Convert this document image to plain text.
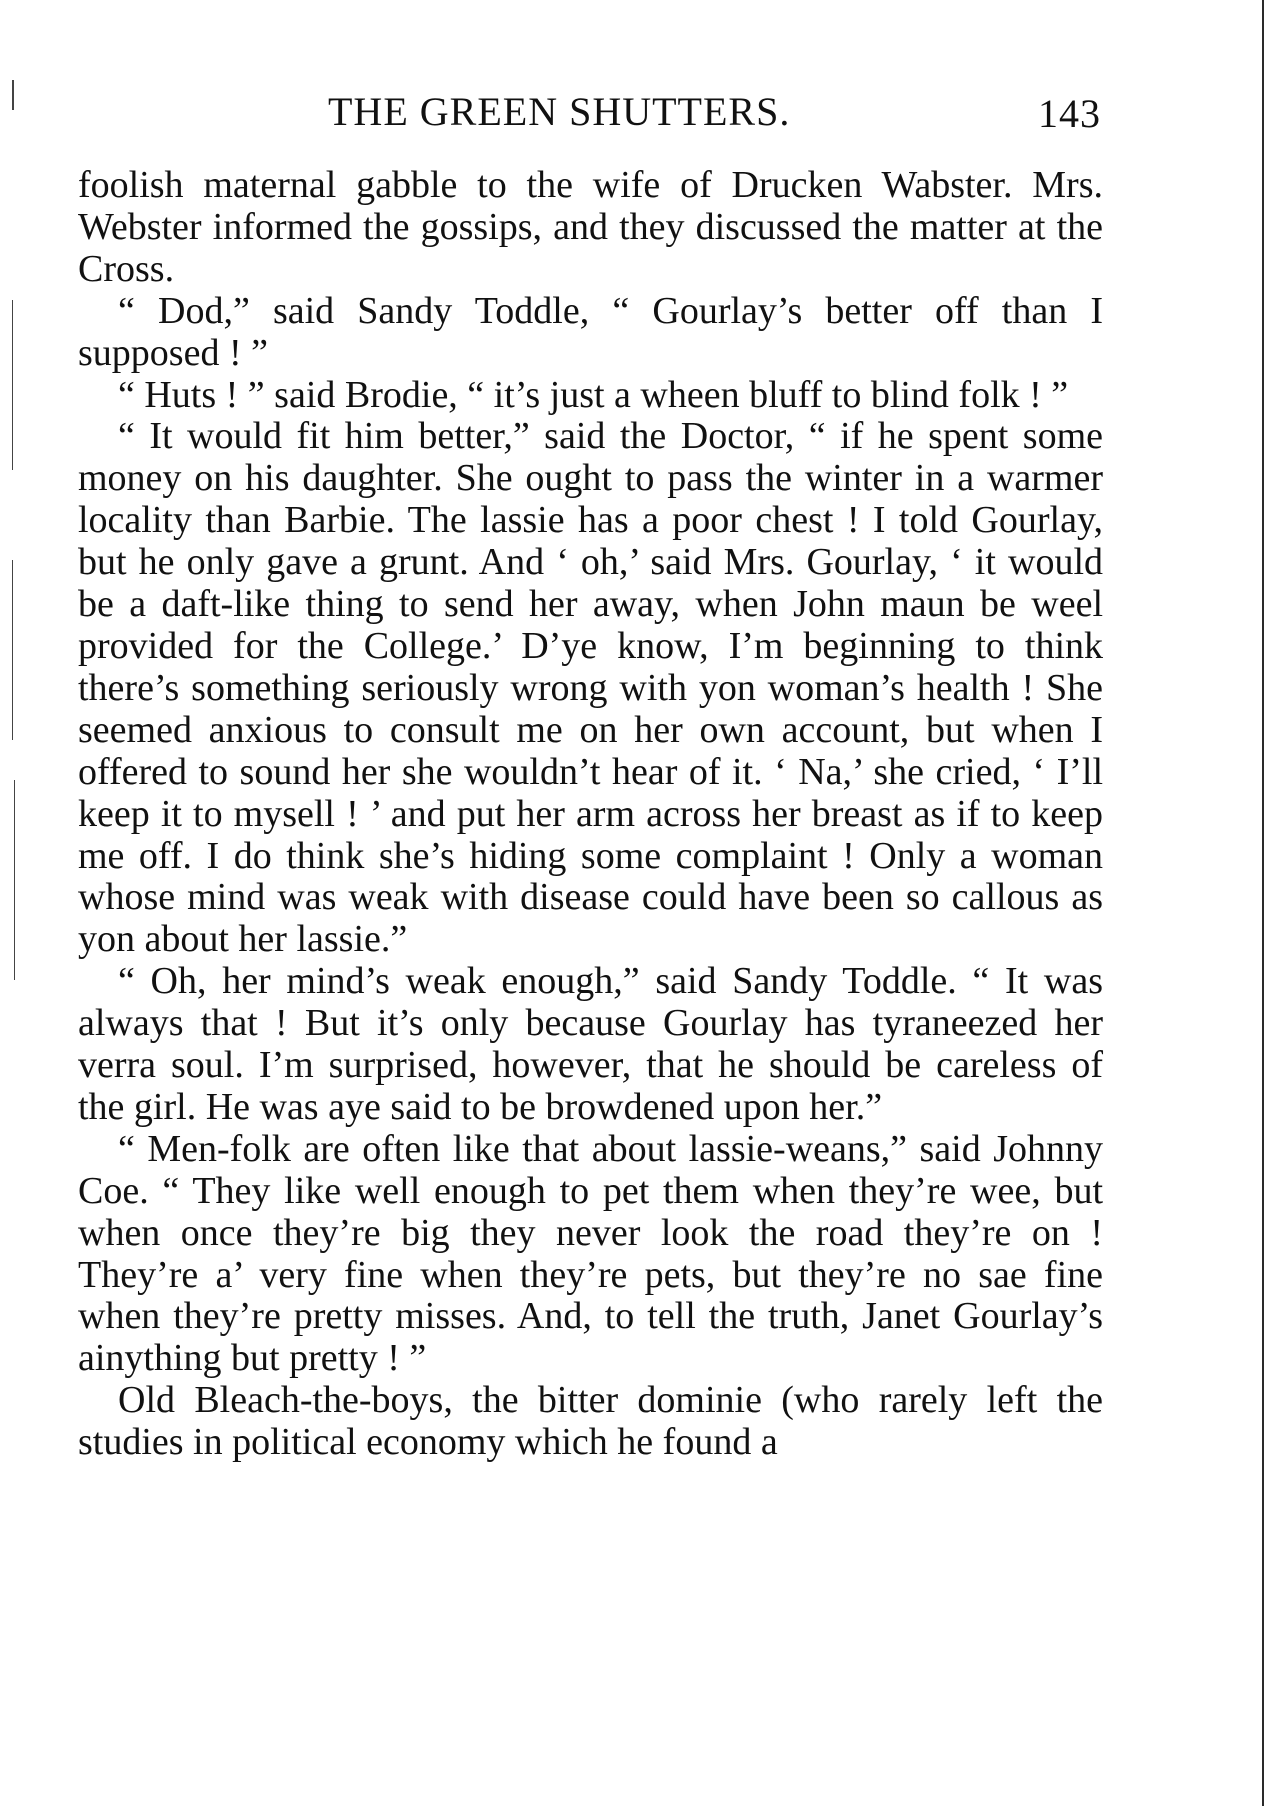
THE GREEN SHUTTERS.	143

foolish maternal gabble to the wife of Drucken Wabster. Mrs. Webster informed the gossips, and they discussed the matter at the Cross.

“ Dod,” said Sandy Toddle, “ Gourlay’s better off than I supposed ! ”

“ Huts ! ” said Brodie, “ it’s just a wheen bluff to blind folk ! ”

“ It would fit him better,” said the Doctor, “ if he spent some money on his daughter. She ought to pass the winter in a warmer locality than Barbie. The lassie has a poor chest ! I told Gourlay, but he only gave a grunt. And ‘ oh,’ said Mrs. Gourlay, ‘ it would be a daft-like thing to send her away, when John maun be weel provided for the College.’ D’ye know, I’m beginning to think there’s something seriously wrong with yon woman’s health ! She seemed anxious to consult me on her own account, but when I offered to sound her she wouldn’t hear of it. ‘ Na,’ she cried, ‘ I’ll keep it to mysell ! ’ and put her arm across her breast as if to keep me off. I do think she’s hiding some complaint ! Only a woman whose mind was weak with disease could have been so callous as yon about her lassie.”

“ Oh, her mind’s weak enough,” said Sandy Toddle. “ It was always that ! But it’s only because Gourlay has tyraneezed her verra soul. I’m surprised, however, that he should be careless of the girl. He was aye said to be browdened upon her.”

“ Men-folk are often like that about lassie-weans,” said Johnny Coe. “ They like well enough to pet them when they’re wee, but when once they’re big they never look the road they’re on ! They’re a’ very fine when they’re pets, but they’re no sae fine when they’re pretty misses. And, to tell the truth, Janet Gourlay’s ainything but pretty ! ”

Old Bleach-the-boys, the bitter dominie (who rarely left the studies in political economy which he found a
